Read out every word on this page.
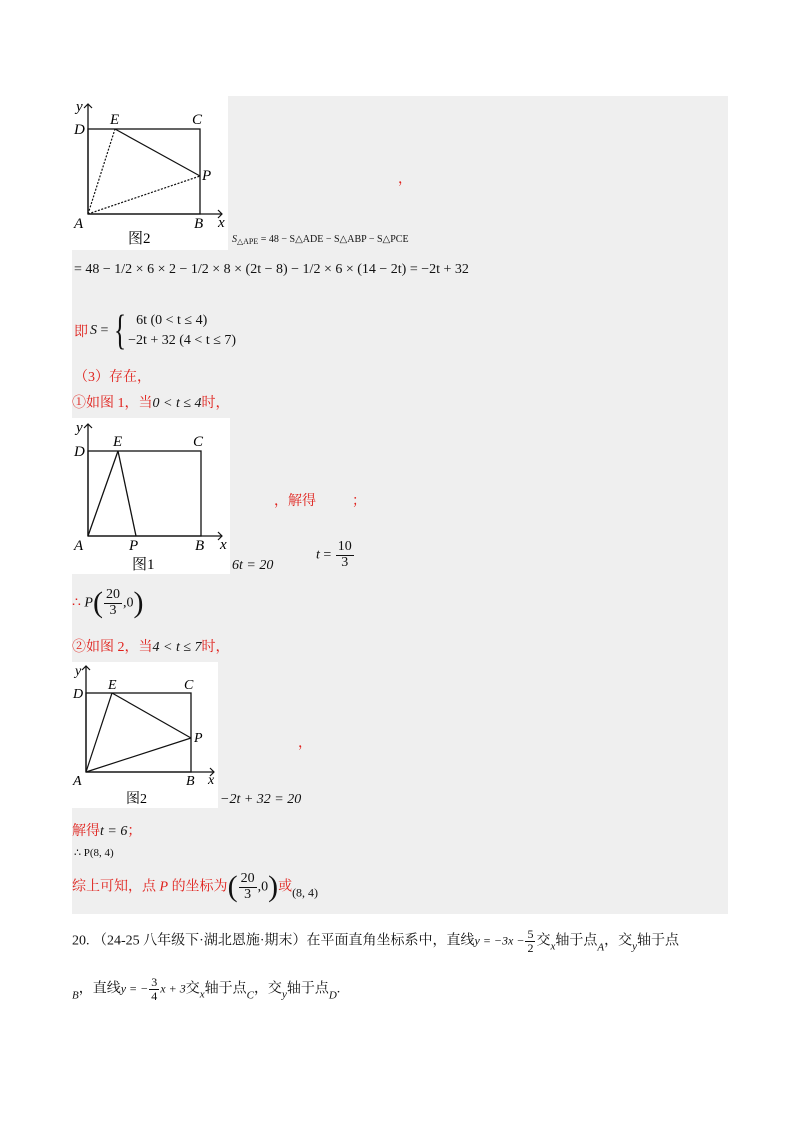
y
D
E	C
P
A	B x
图2
，
$S_{\triangle APE} = 48$ − S△ADE − S△ABP − S△PCE
= 48 − 1/2 × 6 × 2 − 1/2 × 8 × (2t − 8) − 1/2 × 6 × (14 − 2t) = −2t + 32
即 S = { 6t (0 < t ≤ 4)
−2t + 32 (4 < t ≤ 7)
（3）存在，
①如图 1，当0 < t ≤ 4时，
y
D
E	C
A	P	B x
图1
，解得	；
6t = 20
$t = \frac{10}{3}$
∴ $P( \frac{20}{3} ,0)$
②如图 2，当4 < t ≤ 7时，
y
D
E	C
P
A	B x
图2
，
−2t + 32 = 20
解得t = 6；
∴ P(8, 4)
综上可知，点 P 的坐标为( $\frac{20}{3} ,0$)或(8, 4)
20. （24-25 八年级下·湖北恩施·期末）在平面直角坐标系中，直线$y = -3x - \frac{5}{2}$ 交$_x$轴于点$_A$，交$_y$轴于点
$_B$，直线y = − $\frac{3}{4}$ x + 3交$_x$轴于点$_C$，交$_y$轴于点$_D$.
